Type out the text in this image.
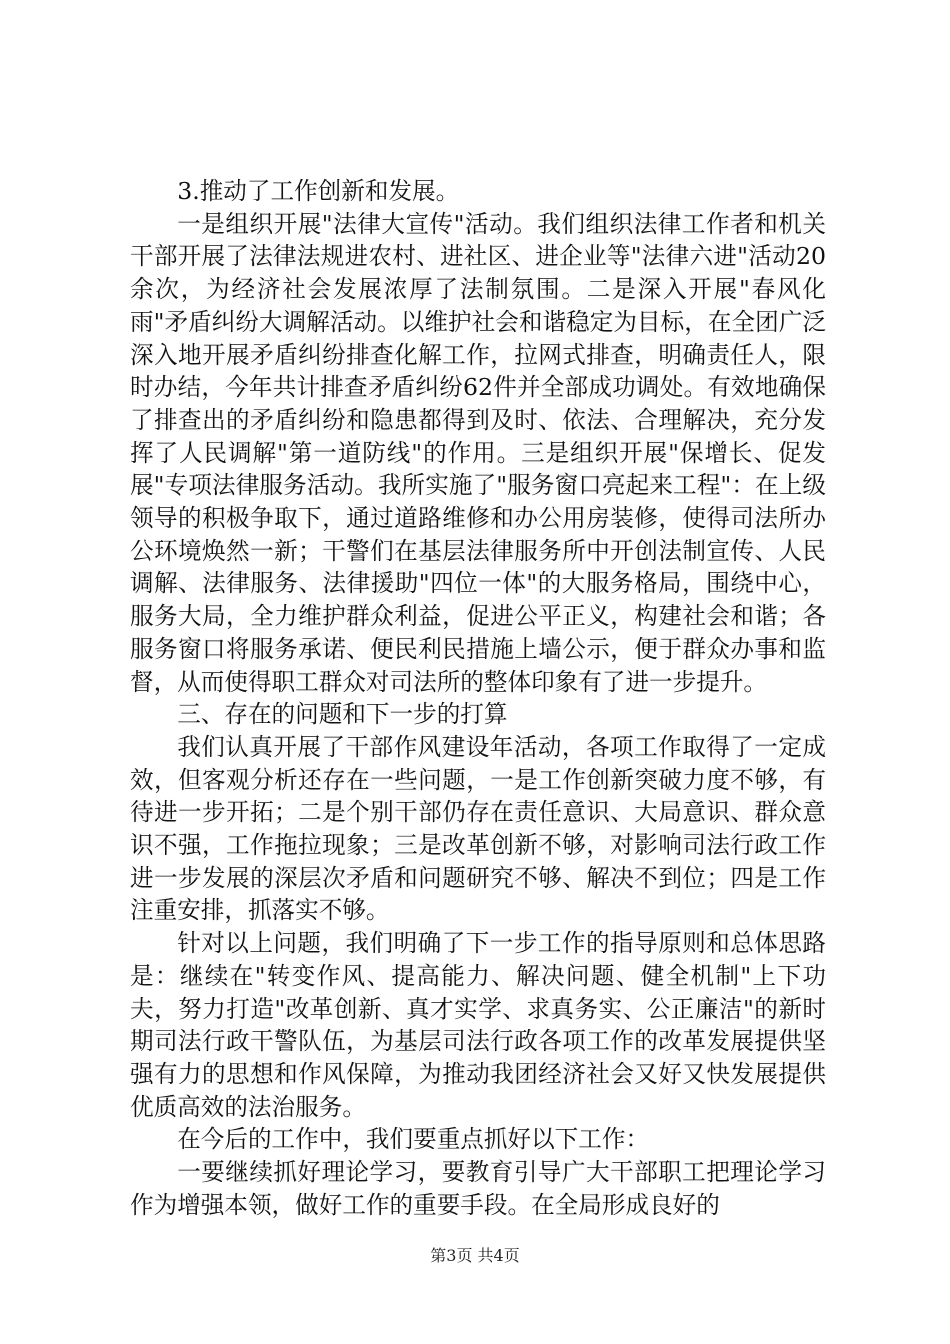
3.推动了工作创新和发展。

一是组织开展"法律大宣传"活动。我们组织法律工作者和机关干部开展了法律法规进农村、进社区、进企业等"法律六进"活动20余次，为经济社会发展浓厚了法制氛围。二是深入开展"春风化雨"矛盾纠纷大调解活动。以维护社会和谐稳定为目标，在全团广泛深入地开展矛盾纠纷排查化解工作，拉网式排查，明确责任人，限时办结，今年共计排查矛盾纠纷62件并全部成功调处。有效地确保了排查出的矛盾纠纷和隐患都得到及时、依法、合理解决，充分发挥了人民调解"第一道防线"的作用。三是组织开展"保增长、促发展"专项法律服务活动。我所实施了"服务窗口亮起来工程"：在上级领导的积极争取下，通过道路维修和办公用房装修，使得司法所办公环境焕然一新；干警们在基层法律服务所中开创法制宣传、人民调解、法律服务、法律援助"四位一体"的大服务格局，围绕中心，服务大局，全力维护群众利益，促进公平正义，构建社会和谐；各服务窗口将服务承诺、便民利民措施上墙公示，便于群众办事和监督，从而使得职工群众对司法所的整体印象有了进一步提升。

三、存在的问题和下一步的打算

我们认真开展了干部作风建设年活动，各项工作取得了一定成效，但客观分析还存在一些问题，一是工作创新突破力度不够，有待进一步开拓；二是个别干部仍存在责任意识、大局意识、群众意识不强，工作拖拉现象；三是改革创新不够，对影响司法行政工作进一步发展的深层次矛盾和问题研究不够、解决不到位；四是工作注重安排，抓落实不够。

针对以上问题，我们明确了下一步工作的指导原则和总体思路是：继续在"转变作风、提高能力、解决问题、健全机制"上下功夫，努力打造"改革创新、真才实学、求真务实、公正廉洁"的新时期司法行政干警队伍，为基层司法行政各项工作的改革发展提供坚强有力的思想和作风保障，为推动我团经济社会又好又快发展提供优质高效的法治服务。

在今后的工作中，我们要重点抓好以下工作：

一要继续抓好理论学习，要教育引导广大干部职工把理论学习作为增强本领，做好工作的重要手段。在全局形成良好的

第3页 共4页
